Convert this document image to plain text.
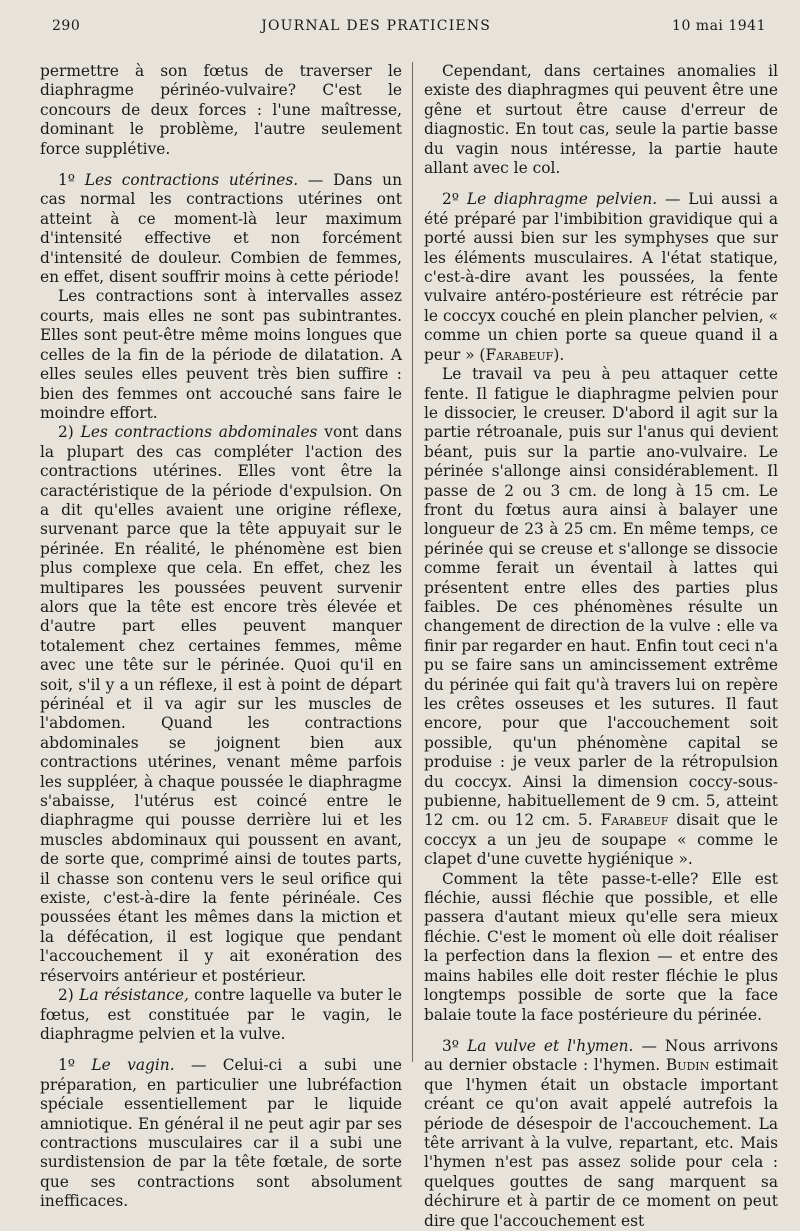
290	JOURNAL DES PRATICIENS	10 mai 1941

permettre à son fœtus de traverser le diaphragme périnéo-vulvaire? C'est le concours de deux forces : l'une maîtresse, dominant le problème, l'autre seulement force supplétive.

1º Les contractions utérines. — Dans un cas normal les contractions utérines ont atteint à ce moment-là leur maximum d'intensité effective et non forcément d'intensité de douleur. Combien de femmes, en effet, disent souffrir moins à cette période!

Les contractions sont à intervalles assez courts, mais elles ne sont pas subintrantes. Elles sont peut-être même moins longues que celles de la fin de la période de dilatation. A elles seules elles peuvent très bien suffire : bien des femmes ont accouché sans faire le moindre effort.

2) Les contractions abdominales vont dans la plupart des cas compléter l'action des contractions utérines. Elles vont être la caractéristique de la période d'expulsion. On a dit qu'elles avaient une origine réflexe, survenant parce que la tête appuyait sur le périnée. En réalité, le phénomène est bien plus complexe que cela. En effet, chez les multipares les poussées peuvent survenir alors que la tête est encore très élevée et d'autre part elles peuvent manquer totalement chez certaines femmes, même avec une tête sur le périnée. Quoi qu'il en soit, s'il y a un réflexe, il est à point de départ périnéal et il va agir sur les muscles de l'abdomen. Quand les contractions abdominales se joignent bien aux contractions utérines, venant même parfois les suppléer, à chaque poussée le diaphragme s'abaisse, l'utérus est coincé entre le diaphragme qui pousse derrière lui et les muscles abdominaux qui poussent en avant, de sorte que, comprimé ainsi de toutes parts, il chasse son contenu vers le seul orifice qui existe, c'est-à-dire la fente périnéale. Ces poussées étant les mêmes dans la miction et la défécation, il est logique que pendant l'accouchement il y ait exonération des réservoirs antérieur et postérieur.

2) La résistance, contre laquelle va buter le fœtus, est constituée par le vagin, le diaphragme pelvien et la vulve.

1º Le vagin. — Celui-ci a subi une préparation, en particulier une lubréfaction spéciale essentiellement par le liquide amniotique. En général il ne peut agir par ses contractions musculaires car il a subi une surdistension de par la tête fœtale, de sorte que ses contractions sont absolument inefficaces.

Cependant, dans certaines anomalies il existe des diaphragmes qui peuvent être une gêne et surtout être cause d'erreur de diagnostic. En tout cas, seule la partie basse du vagin nous intéresse, la partie haute allant avec le col.

2º Le diaphragme pelvien. — Lui aussi a été préparé par l'imbibition gravidique qui a porté aussi bien sur les symphyses que sur les éléments musculaires. A l'état statique, c'est-à-dire avant les poussées, la fente vulvaire antéro-postérieure est rétrécie par le coccyx couché en plein plancher pelvien, « comme un chien porte sa queue quand il a peur » (Farabeuf).

Le travail va peu à peu attaquer cette fente. Il fatigue le diaphragme pelvien pour le dissocier, le creuser. D'abord il agit sur la partie rétroanale, puis sur l'anus qui devient béant, puis sur la partie ano-vulvaire. Le périnée s'allonge ainsi considérablement. Il passe de 2 ou 3 cm. de long à 15 cm. Le front du fœtus aura ainsi à balayer une longueur de 23 à 25 cm. En même temps, ce périnée qui se creuse et s'allonge se dissocie comme ferait un éventail à lattes qui présentent entre elles des parties plus faibles. De ces phénomènes résulte un changement de direction de la vulve : elle va finir par regarder en haut. Enfin tout ceci n'a pu se faire sans un amincissement extrême du périnée qui fait qu'à travers lui on repère les crêtes osseuses et les sutures. Il faut encore, pour que l'accouchement soit possible, qu'un phénomène capital se produise : je veux parler de la rétropulsion du coccyx. Ainsi la dimension coccy-sous-pubienne, habituellement de 9 cm. 5, atteint 12 cm. ou 12 cm. 5. Farabeuf disait que le coccyx a un jeu de soupape « comme le clapet d'une cuvette hygiénique ».

Comment la tête passe-t-elle? Elle est fléchie, aussi fléchie que possible, et elle passera d'autant mieux qu'elle sera mieux fléchie. C'est le moment où elle doit réaliser la perfection dans la flexion — et entre des mains habiles elle doit rester fléchie le plus longtemps possible de sorte que la face balaie toute la face postérieure du périnée.

3º La vulve et l'hymen. — Nous arrivons au dernier obstacle : l'hymen. Budin estimait que l'hymen était un obstacle important créant ce qu'on avait appelé autrefois la période de désespoir de l'accouchement. La tête arrivant à la vulve, repartant, etc. Mais l'hymen n'est pas assez solide pour cela : quelques gouttes de sang marquent sa déchirure et à partir de ce moment on peut dire que l'accouchement est
